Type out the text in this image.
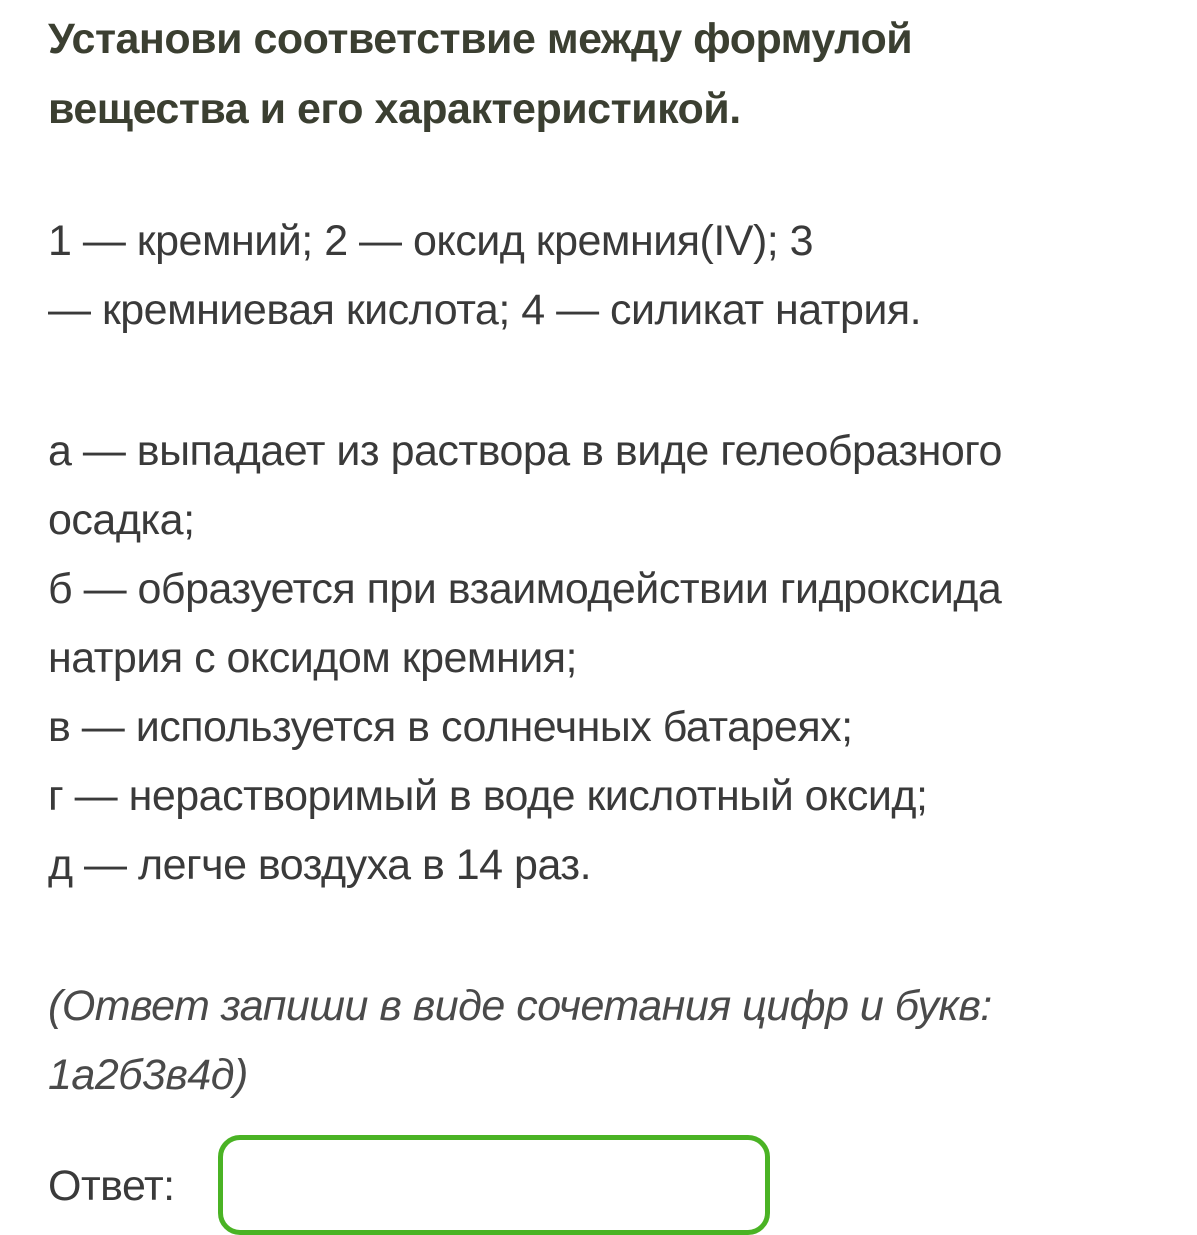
Установи соответствие между формулой
вещества и его характеристикой.
1 — кремний; 2 — оксид кремния(IV); 3
— кремниевая кислота; 4 — силикат натрия.
а — выпадает из раствора в виде гелеобразного
осадка;
б — образуется при взаимодействии гидроксида
натрия с оксидом кремния;
в — используется в солнечных батареях;
г — нерастворимый в воде кислотный оксид;
д — легче воздуха в 14 раз.
(Ответ запиши в виде сочетания цифр и букв:
1а2б3в4д)
Ответ:
